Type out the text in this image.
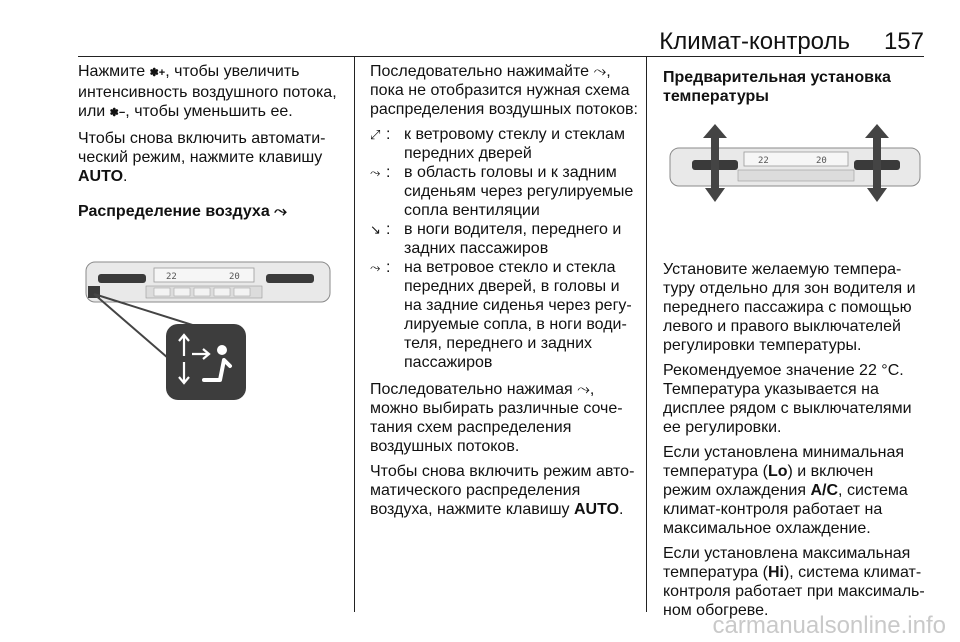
Климат-контроль 157

Нажмите ✽+, чтобы увеличить интенсивность воздушного потока, или ✽−, чтобы уменьшить ее.

Чтобы снова включить автоматический режим, нажмите клавишу AUTO.

Распределение воздуха ⤳

22	20

Последовательно нажимайте ⤳, пока не отобразится нужная схема распределения воздушных потоков:

⤢ : к ветровому стеклу и стеклам передних дверей
⤳ : в область головы и к задним сиденьям через регулируемые сопла вентиляции
↘ : в ноги водителя, переднего и задних пассажиров
⤳ : на ветровое стекло и стекла передних дверей, в головы и на задние сиденья через регулируемые сопла, в ноги водителя, переднего и задних пассажиров

Последовательно нажимая ⤳, можно выбирать различные сочетания схем распределения воздушных потоков.

Чтобы снова включить режим автоматического распределения воздуха, нажмите клавишу AUTO.

Предварительная установка температуры

22	20

Установите желаемую температуру отдельно для зон водителя и переднего пассажира с помощью левого и правого выключателей регулировки температуры.

Рекомендуемое значение 22 °C. Температура указывается на дисплее рядом с выключателями ее регулировки.

Если установлена минимальная температура (Lo) и включен режим охлаждения A/C, система климат-контроля работает на максимальное охлаждение.

Если установлена максимальная температура (Hi), система климат-контроля работает при максимальном обогреве.

carmanualsonline.info
